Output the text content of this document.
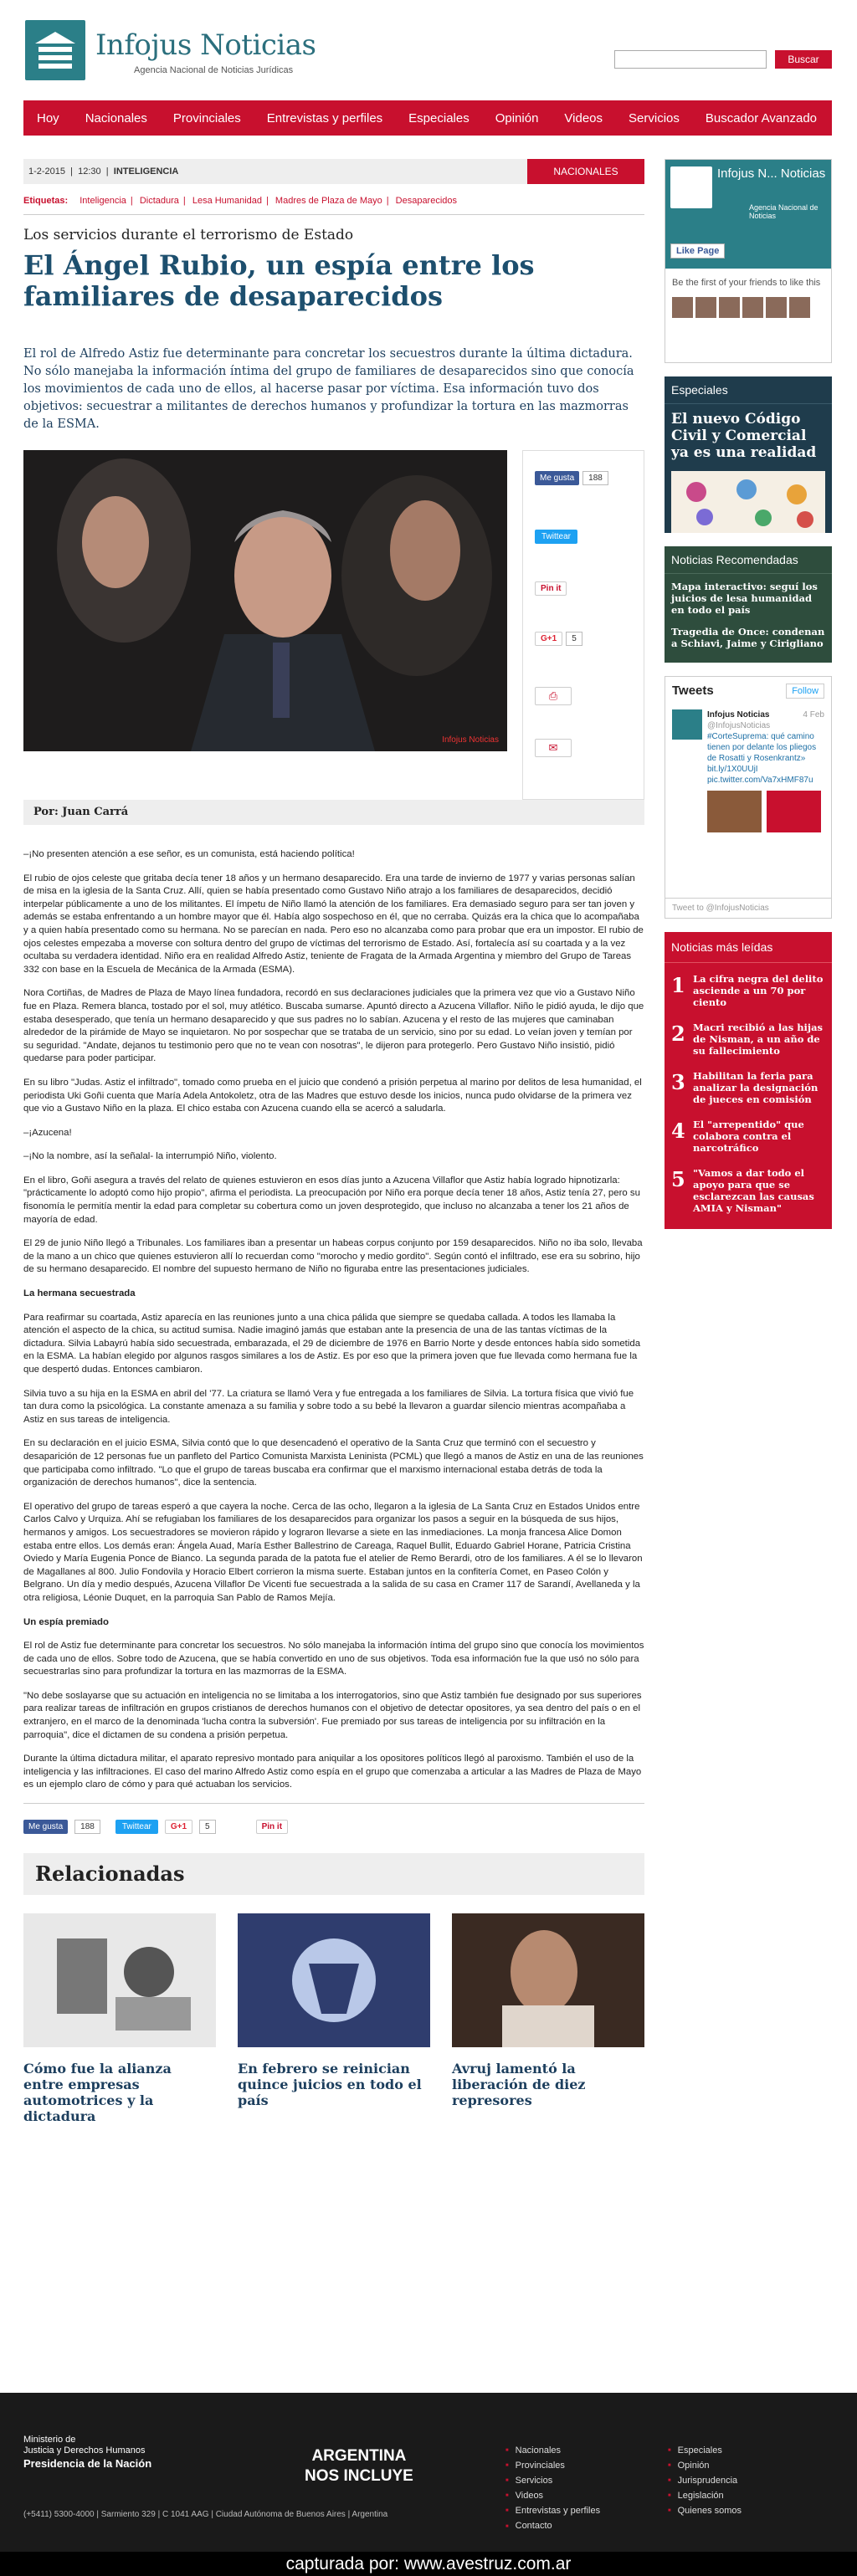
Infojus Noticias
Agencia Nacional de Noticias Jurídicas
Buscar
Hoy Nacionales Provinciales Entrevistas y perfiles Especiales Opinión Videos Servicios Buscador Avanzado
1-2-2015  |  12:30  |  INTELIGENCIA	NACIONALES
Etiquetas: Inteligencia | Dictadura | Lesa Humanidad | Madres de Plaza de Mayo | Desaparecidos
Los servicios durante el terrorismo de Estado
El Ángel Rubio, un espía entre los familiares de desaparecidos
El rol de Alfredo Astiz fue determinante para concretar los secuestros durante la última dictadura. No sólo manejaba la información íntima del grupo de familiares de desaparecidos sino que conocía los movimientos de cada uno de ellos, al hacerse pasar por víctima. Esa información tuvo dos objetivos: secuestrar a militantes de derechos humanos y profundizar la tortura en las mazmorras de la ESMA.
Infojus Noticias
Me gusta	188
Twittear
Pin it
G+1	5
⎙
✉
Por: Juan Carrá

–¡No presenten atención a ese señor, es un comunista, está haciendo política!

El rubio de ojos celeste que gritaba decía tener 18 años y un hermano desaparecido. Era una tarde de invierno de 1977 y varias personas salían de misa en la iglesia de la Santa Cruz. Allí, quien se había presentado como Gustavo Niño atrajo a los familiares de desaparecidos, decidió interpelar públicamente a uno de los militantes. El ímpetu de Niño llamó la atención de los familiares. Era demasiado seguro para ser tan joven y además se estaba enfrentando a un hombre mayor que él. Había algo sospechoso en él, que no cerraba. Quizás era la chica que lo acompañaba y a quien había presentado como su hermana. No se parecían en nada. Pero eso no alcanzaba como para probar que era un impostor. El rubio de ojos celestes empezaba a moverse con soltura dentro del grupo de víctimas del terrorismo de Estado. Así, fortalecía así su coartada y a la vez ocultaba su verdadera identidad. Niño era en realidad Alfredo Astiz, teniente de Fragata de la Armada Argentina y miembro del Grupo de Tareas 332 con base en la Escuela de Mecánica de la Armada (ESMA).

Nora Cortiñas, de Madres de Plaza de Mayo línea fundadora, recordó en sus declaraciones judiciales que la primera vez que vio a Gustavo Niño fue en Plaza. Remera blanca, tostado por el sol, muy atlético. Buscaba sumarse. Apuntó directo a Azucena Villaflor. Niño le pidió ayuda, le dijo que estaba desesperado, que tenía un hermano desaparecido y que sus padres no lo sabían. Azucena y el resto de las mujeres que caminaban alrededor de la pirámide de Mayo se inquietaron. No por sospechar que se trataba de un servicio, sino por su edad. Lo veían joven y temían por su seguridad. "Andate, dejanos tu testimonio pero que no te vean con nosotras", le dijeron para protegerlo. Pero Gustavo Niño insistió, pidió quedarse para poder participar.

En su libro "Judas. Astiz el infiltrado", tomado como prueba en el juicio que condenó a prisión perpetua al marino por delitos de lesa humanidad, el periodista Uki Goñi cuenta que María Adela Antokoletz, otra de las Madres que estuvo desde los inicios, nunca pudo olvidarse de la primera vez que vio a Gustavo Niño en la plaza. El chico estaba con Azucena cuando ella se acercó a saludarla.

–¡Azucena!

–¡No la nombre, así la señalal- la interrumpió Niño, violento.

En el libro, Goñi asegura a través del relato de quienes estuvieron en esos días junto a Azucena Villaflor que Astiz había logrado hipnotizarla: "prácticamente lo adoptó como hijo propio", afirma el periodista. La preocupación por Niño era porque decía tener 18 años, Astiz tenía 27, pero su fisonomía le permitía mentir la edad para completar su cobertura como un joven desprotegido, que incluso no alcanzaba a tener los 21 años de mayoría de edad.

El 29 de junio Niño llegó a Tribunales. Los familiares iban a presentar un habeas corpus conjunto por 159 desaparecidos. Niño no iba solo, llevaba de la mano a un chico que quienes estuvieron allí lo recuerdan como "morocho y medio gordito". Según contó el infiltrado, ese era su sobrino, hijo de su hermano desaparecido. El nombre del supuesto hermano de Niño no figuraba entre las presentaciones judiciales.

La hermana secuestrada

Para reafirmar su coartada, Astiz aparecía en las reuniones junto a una chica pálida que siempre se quedaba callada. A todos les llamaba la atención el aspecto de la chica, su actitud sumisa. Nadie imaginó jamás que estaban ante la presencia de una de las tantas víctimas de la dictadura. Silvia Labayrú había sido secuestrada, embarazada, el 29 de diciembre de 1976 en Barrio Norte y desde entonces había sido sometida en la ESMA. La habían elegido por algunos rasgos similares a los de Astiz. Es por eso que la primera joven que fue llevada como hermana fue la que despertó dudas. Entonces cambiaron.

Silvia tuvo a su hija en la ESMA en abril del '77. La criatura se llamó Vera y fue entregada a los familiares de Silvia. La tortura física que vivió fue tan dura como la psicológica. La constante amenaza a su familia y sobre todo a su bebé la llevaron a guardar silencio mientras acompañaba a Astiz en sus tareas de inteligencia.

En su declaración en el juicio ESMA, Silvia contó que lo que desencadenó el operativo de la Santa Cruz que terminó con el secuestro y desaparición de 12 personas fue un panfleto del Partico Comunista Marxista Leninista (PCML) que llegó a manos de Astiz en una de las reuniones que participaba como infiltrado. "Lo que el grupo de tareas buscaba era confirmar que el marxismo internacional estaba detrás de toda la organización de derechos humanos", dice la sentencia.

El operativo del grupo de tareas esperó a que cayera la noche. Cerca de las ocho, llegaron a la iglesia de La Santa Cruz en Estados Unidos entre Carlos Calvo y Urquiza. Ahí se refugiaban los familiares de los desaparecidos para organizar los pasos a seguir en la búsqueda de sus hijos, hermanos y amigos. Los secuestradores se movieron rápido y lograron llevarse a siete en las inmediaciones. La monja francesa Alice Domon estaba entre ellos. Los demás eran: Ángela Auad, María Esther Ballestrino de Careaga, Raquel Bullit, Eduardo Gabriel Horane, Patricia Cristina Oviedo y María Eugenia Ponce de Bianco. La segunda parada de la patota fue el atelier de Remo Berardi, otro de los familiares. A él se lo llevaron de Magallanes al 800. Julio Fondovila y Horacio Elbert corrieron la misma suerte. Estaban juntos en la confitería Comet, en Paseo Colón y Belgrano. Un día y medio después, Azucena Villaflor De Vicenti fue secuestrada a la salida de su casa en Cramer 117 de Sarandí, Avellaneda y la otra religiosa, Léonie Duquet, en la parroquia San Pablo de Ramos Mejía.

Un espía premiado

El rol de Astiz fue determinante para concretar los secuestros. No sólo manejaba la información íntima del grupo sino que conocía los movimientos de cada uno de ellos. Sobre todo de Azucena, que se había convertido en uno de sus objetivos. Toda esa información fue la que usó no sólo para secuestrarlas sino para profundizar la tortura en las mazmorras de la ESMA.

"No debe soslayarse que su actuación en inteligencia no se limitaba a los interrogatorios, sino que Astiz también fue designado por sus superiores para realizar tareas de infiltración en grupos cristianos de derechos humanos con el objetivo de detectar opositores, ya sea dentro del país o en el extranjero, en el marco de la denominada 'lucha contra la subversión'. Fue premiado por sus tareas de inteligencia por su infiltración en la parroquia", dice el dictamen de su condena a prisión perpetua.

Durante la última dictadura militar, el aparato represivo montado para aniquilar a los opositores políticos llegó al paroxismo. También el uso de la inteligencia y las infiltraciones. El caso del marino Alfredo Astiz como espía en el grupo que comenzaba a articular a las Madres de Plaza de Mayo es un ejemplo claro de cómo y para qué actuaban los servicios.

Me gusta	188	Twittear	G+1	5	Pin it
Relacionadas
Cómo fue la alianza entre empresas automotrices y la dictadura
En febrero se reinician quince juicios en todo el país
Avruj lamentó la liberación de diez represores
Infojus N... Noticias
Agencia Nacional de Noticias
Like Page
Be the first of your friends to like this
Especiales
El nuevo Código Civil y Comercial ya es una realidad
Noticias Recomendadas
Mapa interactivo: seguí los juicios de lesa humanidad en todo el país
Tragedia de Once: condenan a Schiavi, Jaime y Cirigliano
Tweets	Follow
Infojus Noticias	4 Feb

@InfojusNoticias
#CorteSuprema: qué camino tienen por delante los pliegos de Rosatti y Rosenkrantz» bit.ly/1X0UUjI pic.twitter.com/Va7xHMF87u
Tweet to @InfojusNoticias
Noticias más leídas
1 La cifra negra del delito asciende a un 70 por ciento
2 Macri recibió a las hijas de Nisman, a un año de su fallecimiento
3 Habilitan la feria para analizar la designación de jueces en comisión
4 El "arrepentido" que colabora contra el narcotráfico
5 "Vamos a dar todo el apoyo para que se esclarezcan las causas AMIA y Nisman"
Ministerio de
Justicia y Derechos Humanos
Presidencia de la Nación	ARGENTINA
NOS INCLUYE
(+5411) 5300-4000 | Sarmiento 329 | C 1041 AAG | Ciudad Autónoma de Buenos Aires | Argentina
■ Nacionales
■ Provinciales
■ Servicios
■ Videos
■ Entrevistas y perfiles
■ Contacto
■ Especiales
■ Opinión
■ Jurisprudencia
■ Legislación
■ Quienes somos
capturada por: www.avestruz.com.ar
